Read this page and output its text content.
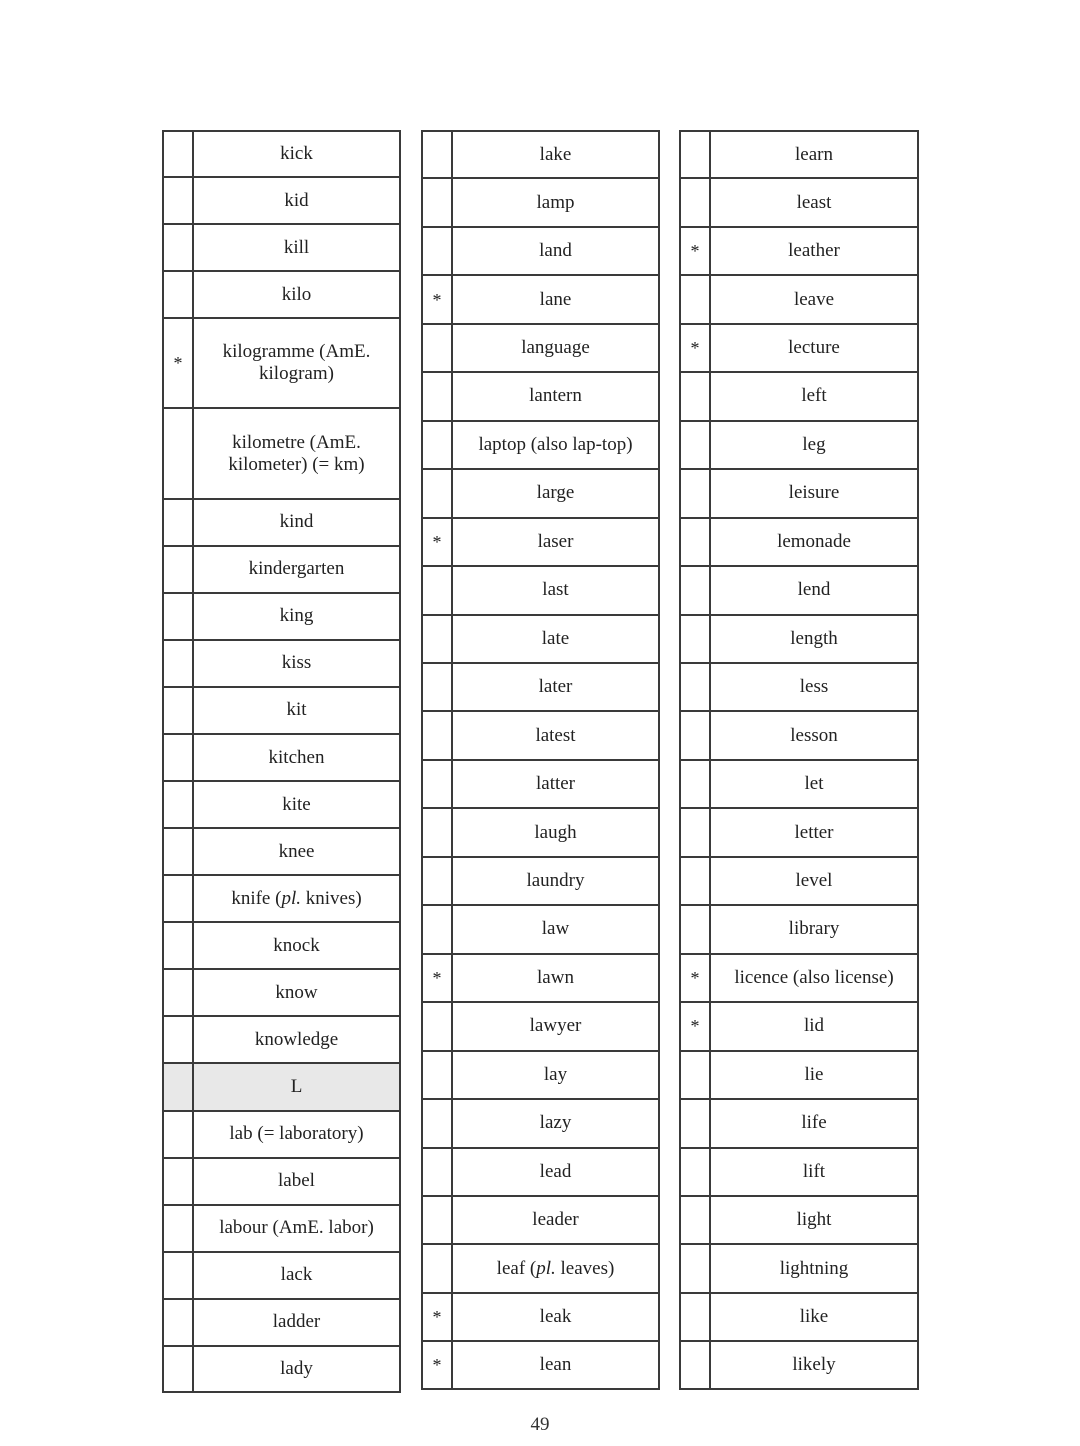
	kick
	kid
	kill
	kilo
*	kilogramme (AmE. kilogram)
	kilometre (AmE. kilometer) (= km)
	kind
	kindergarten
	king
	kiss
	kit
	kitchen
	kite
	knee
	knife (pl. knives)
	knock
	know
	knowledge
	L
	lab (= laboratory)
	label
	labour (AmE. labor)
	lack
	ladder
	lady
	lake
	lamp
	land
*	lane
	language
	lantern
	laptop (also lap-top)
	large
*	laser
	last
	late
	later
	latest
	latter
	laugh
	laundry
	law
*	lawn
	lawyer
	lay
	lazy
	lead
	leader
	leaf (pl. leaves)
*	leak
*	lean
	learn
	least
*	leather
	leave
*	lecture
	left
	leg
	leisure
	lemonade
	lend
	length
	less
	lesson
	let
	letter
	level
	library
*	licence (also license)
*	lid
	lie
	life
	lift
	light
	lightning
	like
	likely
49
